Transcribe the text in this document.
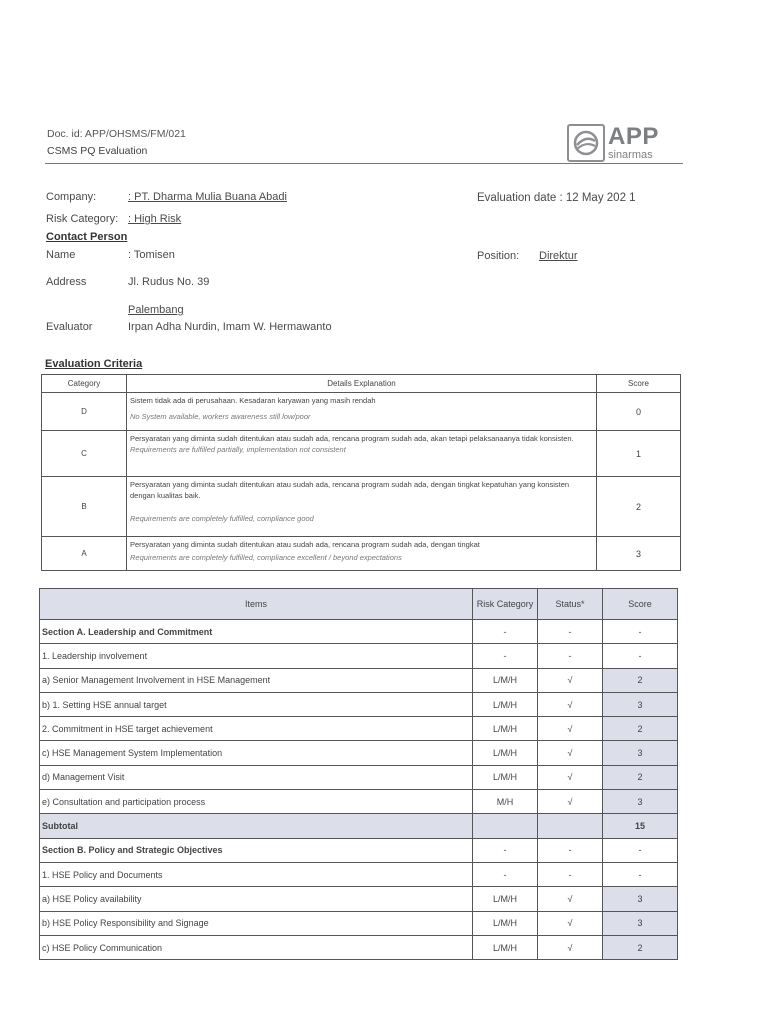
Doc. id: APP/OHSMS/FM/021
CSMS PQ Evaluation
APP
sinarmas
Company:	: PT. Dharma Mulia Buana Abadi	Evaluation date : 12 May 202 1
Risk Category: : High Risk
Contact Person
Name	: Tomisen	Position: Direktur
Address	Jl. Rudus No. 39
Palembang
Evaluator	Irpan Adha Nurdin, Imam W. Hermawanto
Evaluation Criteria
Category	Details Explanation	Score
D	Sistem tidak ada di perusahaan. Kesadaran karyawan yang masih rendah
No System available, workers awareness still low/poor	0
C	Persyaratan yang diminta sudah ditentukan atau sudah ada, rencana program sudah ada, akan tetapi pelaksanaanya tidak konsisten.
Requirements are fulfilled partially, implementation not consistent	1
B	Persyaratan yang diminta sudah ditentukan atau sudah ada, rencana program sudah ada, dengan tingkat kepatuhan yang konsisten dengan kualitas baik.
Requirements are completely fulfilled, compliance good	2
A	Persyaratan yang diminta sudah ditentukan atau sudah ada, rencana program sudah ada, dengan tingkat
Requirements are completely fulfilled, compliance excellent / beyond expectations	3
Items	Risk Category	Status*	Score
Section A. Leadership and Commitment	-	-	-
1. Leadership involvement	-	-	-
a) Senior Management Involvement in HSE Management	L/M/H	√	2
b) 1. Setting HSE annual target	L/M/H	√	3
2. Commitment in HSE target achievement	L/M/H	√	2
c) HSE Management System Implementation	L/M/H	√	3
d) Management Visit	L/M/H	√	2
e) Consultation and participation process	M/H	√	3
Subtotal			15
Section B. Policy and Strategic Objectives	-	-	-
1. HSE Policy and Documents	-	-	-
a) HSE Policy availability	L/M/H	√	3
b) HSE Policy Responsibility and Signage	L/M/H	√	3
c) HSE Policy Communication	L/M/H	√	2
